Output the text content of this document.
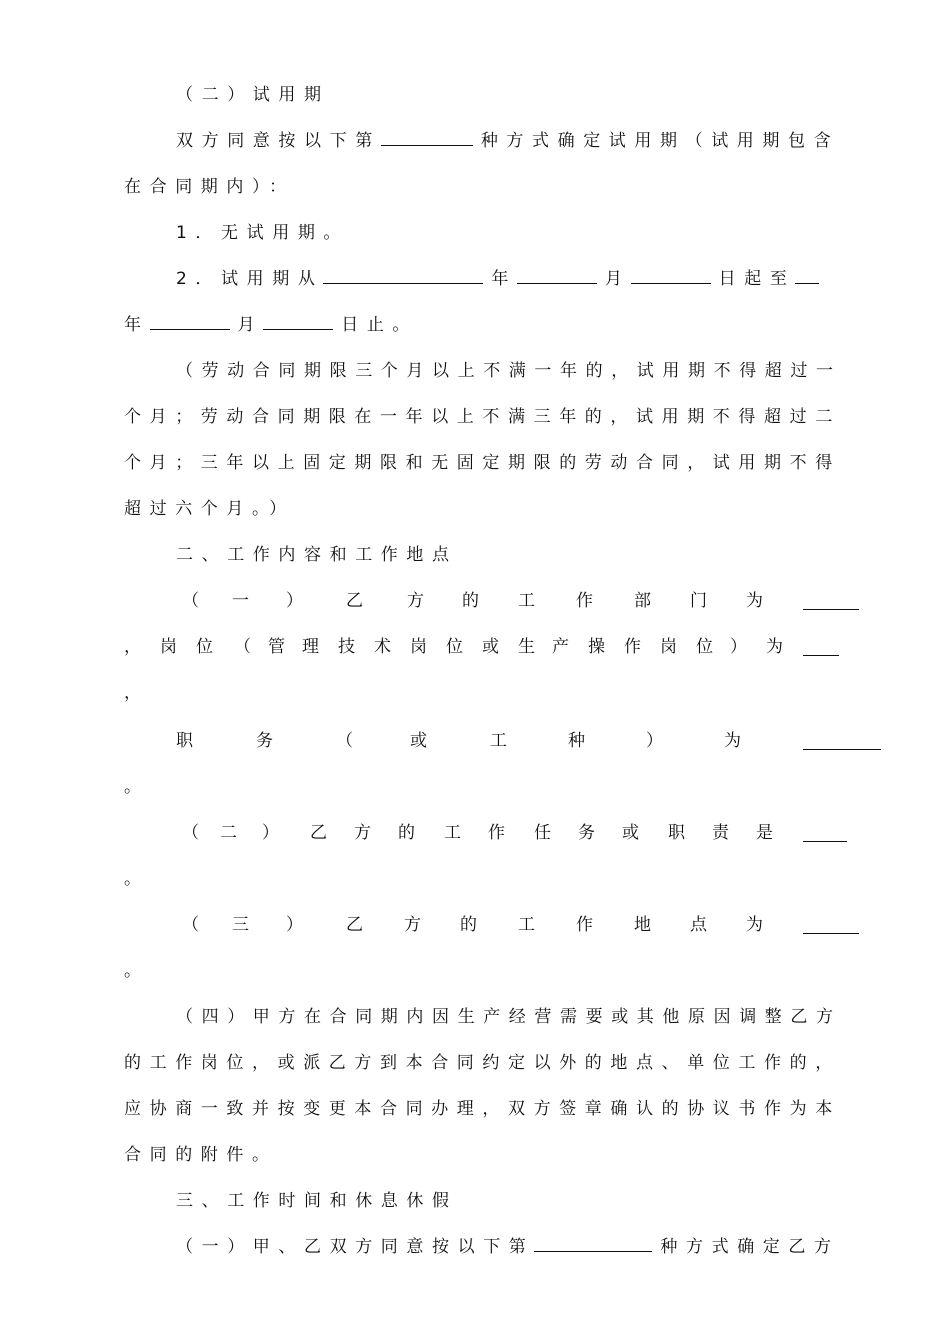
（二）试用期

双方同意按以下第	种方式确定试用期（试用期包含

在合同期内）：

1．无试用期。

2．试用期从	年	月	日起至

年	月	日止。

（劳动合同期限三个月以上不满一年的，试用期不得超过一

个月；劳动合同期限在一年以上不满三年的，试用期不得超过二

个月；三年以上固定期限和无固定期限的劳动合同，试用期不得

超过六个月。）

二、工作内容和工作地点

（ 一 ）	乙	方 的 工 作 部 门 为
， 岗 位 （ 管 理 技 术 岗 位 或 生 产 操 作 岗 位 ） 为
，
职	务	（	或	工	种	）	为
。
（ 二 ） 乙 方 的 工 作 任 务 或 职 责 是
。
（ 三 ）	乙 方 的 工 作 地 点 为
。

（四）甲方在合同期内因生产经营需要或其他原因调整乙方

的工作岗位，或派乙方到本合同约定以外的地点、单位工作的，

应协商一致并按变更本合同办理，双方签章确认的协议书作为本

合同的附件。

三、工作时间和休息休假

（一）甲、乙双方同意按以下第	种方式确定乙方
